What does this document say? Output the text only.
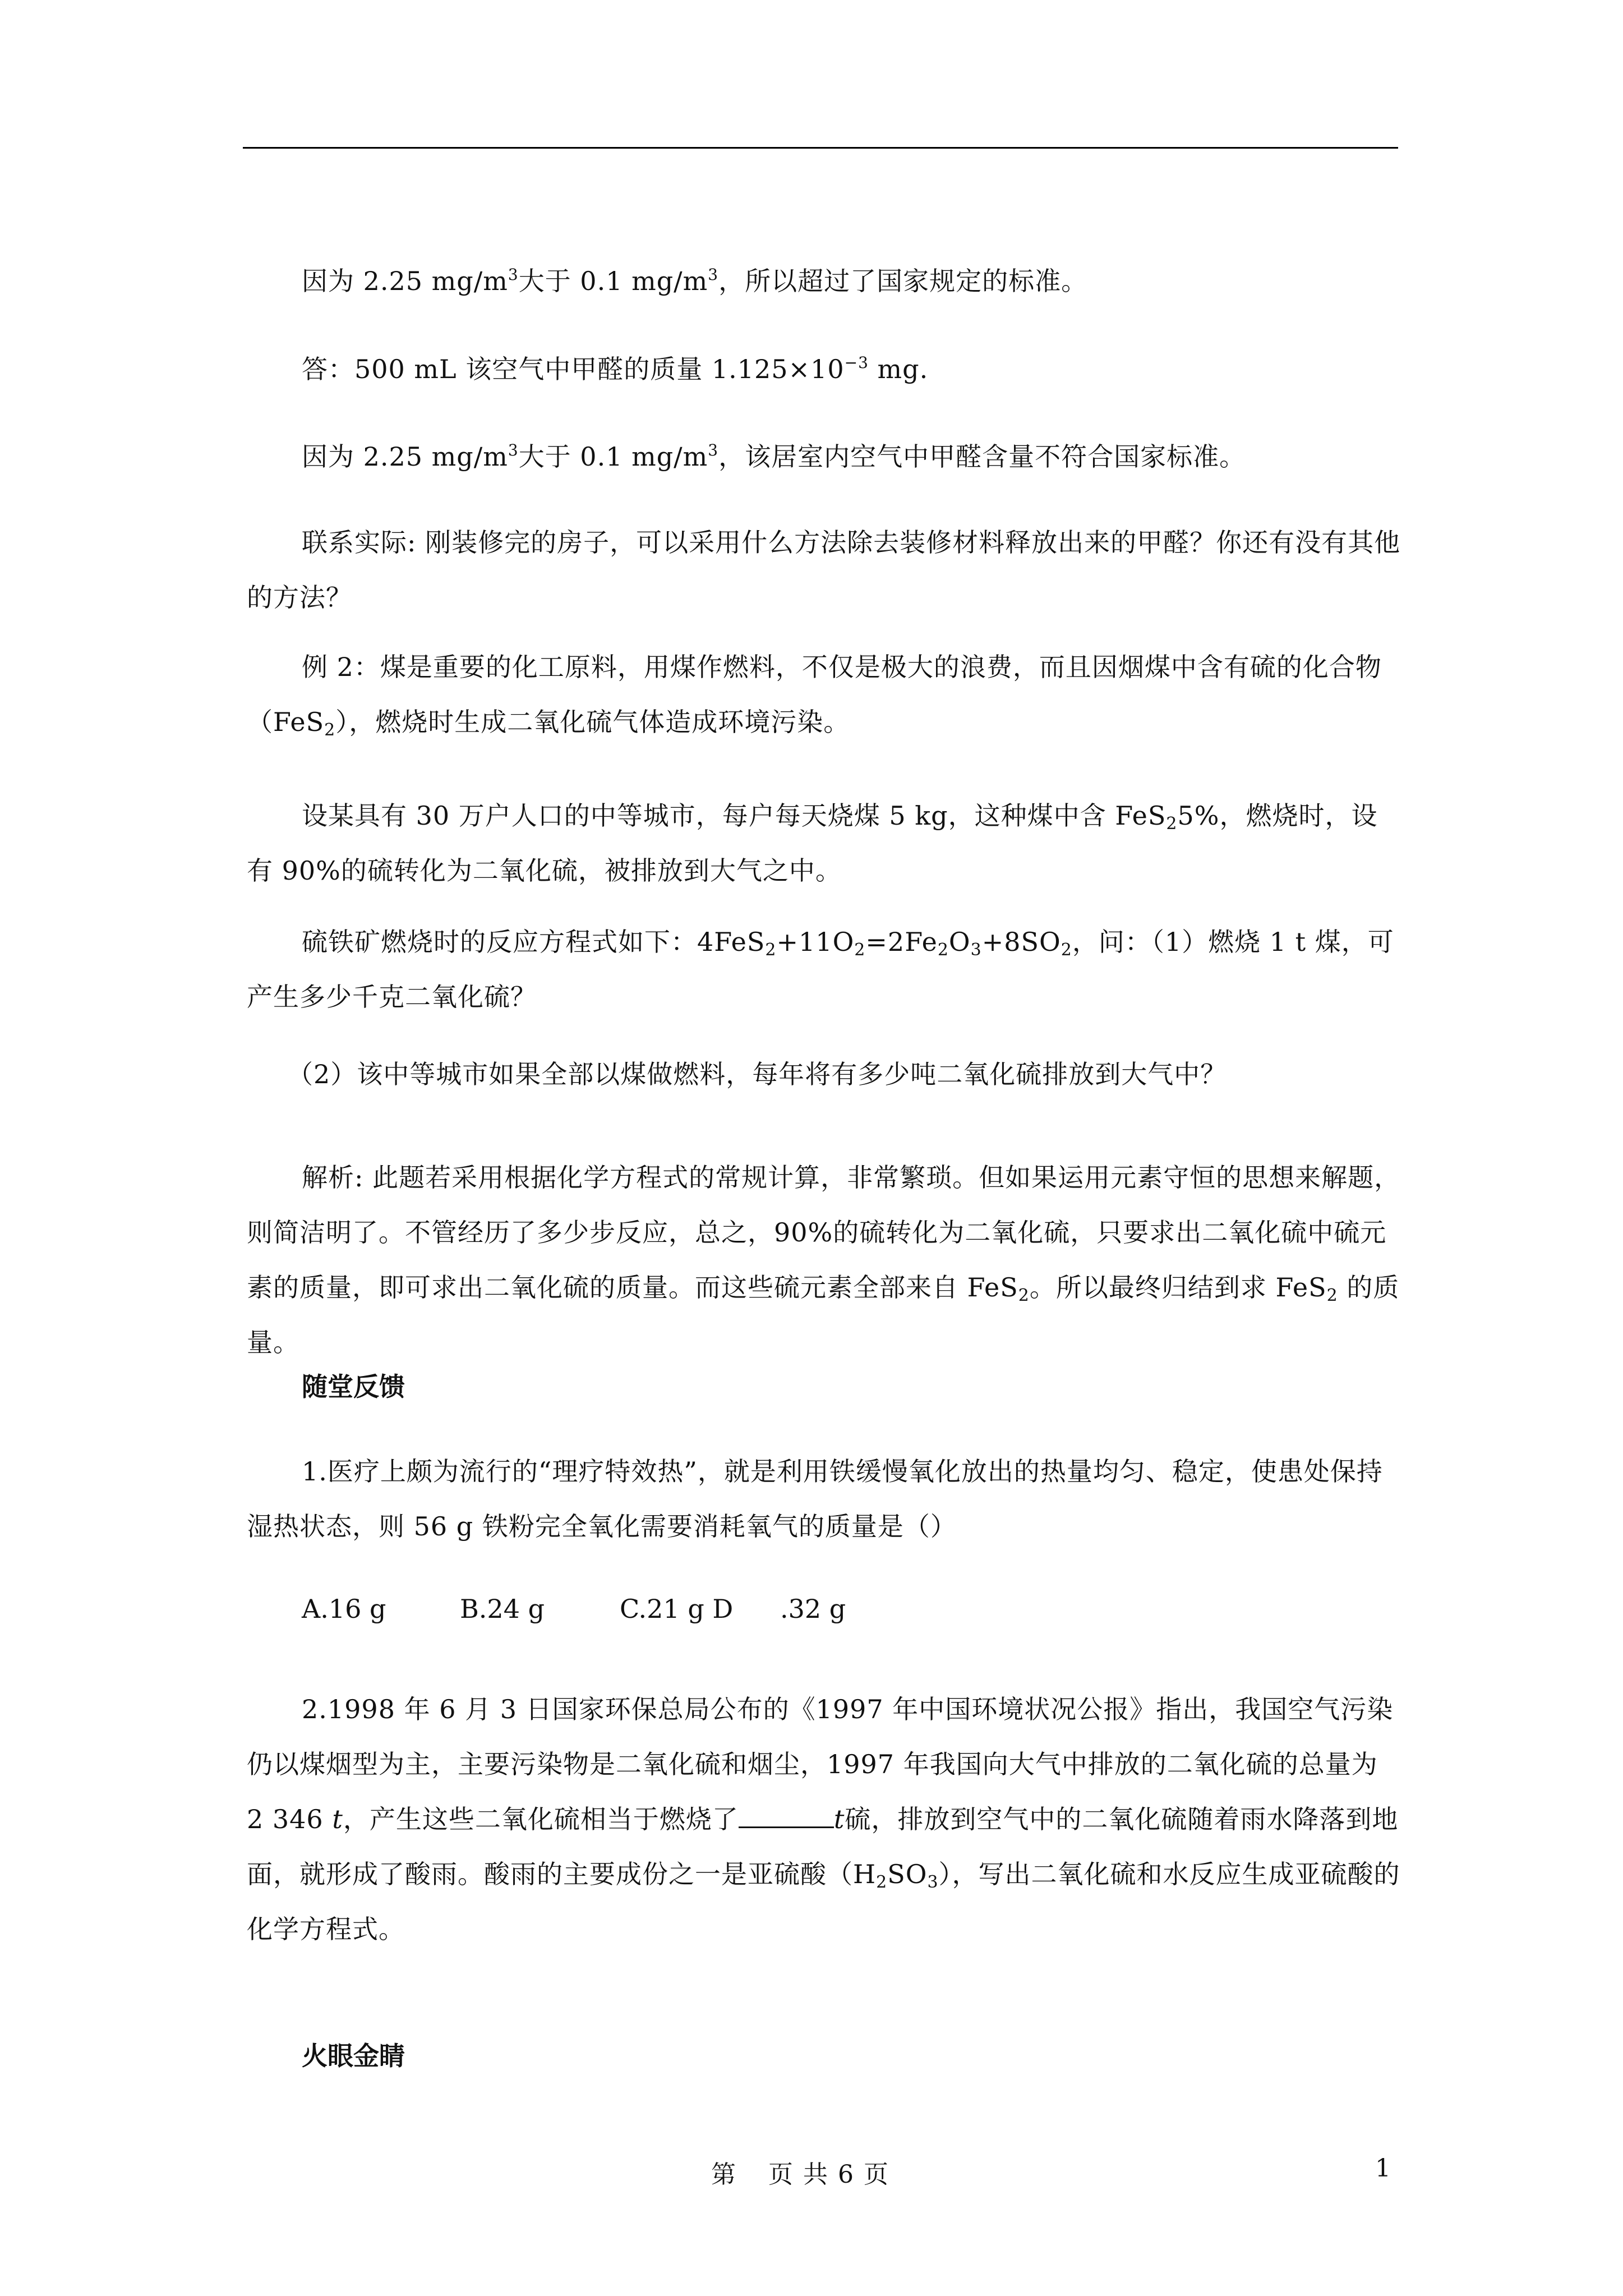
因为 2.25 $mg/m^3$大于 0.1 $mg/m^3$，所以超过了国家规定的标准。

答：500 mL 该空气中甲醛的质量 $1.125\times 10^{-3}$ mg.

因为 2.25 $mg/m^3$大于 0.1 $mg/m^3$，该居室内空气中甲醛含量不符合国家标准。

联系实际: 刚装修完的房子，可以采用什么方法除去装修材料释放出来的甲醛？你还有没有其他的方法？

例 2：煤是重要的化工原料，用煤作燃料，不仅是极大的浪费，而且因烟煤中含有硫的化合物（FeS$_2$），燃烧时生成二氧化硫气体造成环境污染。

设某具有 30 万户人口的中等城市，每户每天烧煤 5 kg，这种煤中含 FeS$_2$5%，燃烧时，设有 90%的硫转化为二氧化硫，被排放到大气之中。

硫铁矿燃烧时的反应方程式如下：$4FeS_2+11O_2=2Fe_2O_3+8SO_2$，问：（1）燃烧 1 t 煤，可产生多少千克二氧化硫？

（2）该中等城市如果全部以煤做燃料，每年将有多少吨二氧化硫排放到大气中？

解析: 此题若采用根据化学方程式的常规计算，非常繁琐。但如果运用元素守恒的思想来解题，则简洁明了。不管经历了多少步反应，总之，90%的硫转化为二氧化硫，只要求出二氧化硫中硫元素的质量，即可求出二氧化硫的质量。而这些硫元素全部来自 FeS$_2$。所以最终归结到求 FeS$_2$ 的质量。

随堂反馈

1.医疗上颇为流行的“理疗特效热”，就是利用铁缓慢氧化放出的热量均匀、稳定，使患处保持湿热状态，则 56 g 铁粉完全氧化需要消耗氧气的质量是（）

A.16 g	B.24 g	C.21 g D .32 g

2.1998 年 6 月 3 日国家环保总局公布的《1997 年中国环境状况公报》指出，我国空气污染仍以煤烟型为主，主要污染物是二氧化硫和烟尘，1997 年我国向大气中排放的二氧化硫的总量为 2 346 t，产生这些二氧化硫相当于燃烧了	t硫，排放到空气中的二氧化硫随着雨水降落到地面，就形成了酸雨。酸雨的主要成份之一是亚硫酸$(H_2SO_3)$，写出二氧化硫和水反应生成亚硫酸的化学方程式。

火眼金睛
第 页 共 6 页	1
